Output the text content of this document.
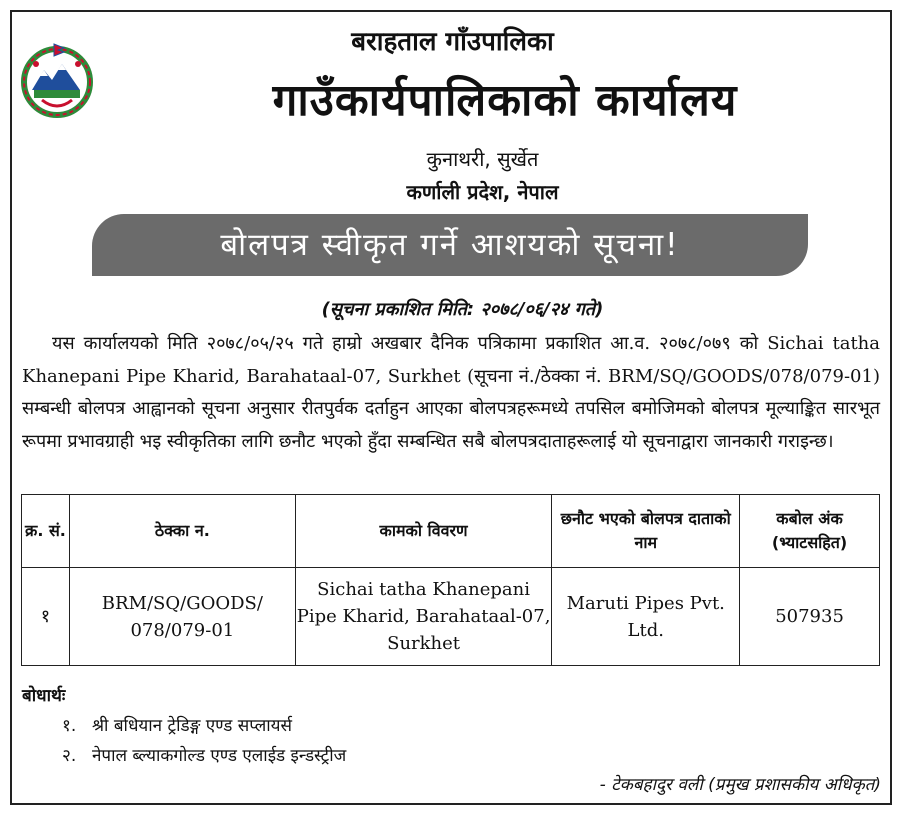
बराहताल गाँउपालिका
गाउँकार्यपालिकाको कार्यालय
कुनाथरी, सुर्खेत
कर्णाली प्रदेश, नेपाल
बोलपत्र स्वीकृत गर्ने आशयको सूचना!
(सूचना प्रकाशित मिति: २०७८/०६/२४ गते)
यस कार्यालयको मिति २०७८/०५/२५ गते हाम्रो अखबार दैनिक पत्रिकामा प्रकाशित आ.व. २०७८/०७९ को Sichai tatha Khanepani Pipe Kharid, Barahataal-07, Surkhet (सूचना नं./ठेक्का नं. BRM/SQ/GOODS/078/079-01) सम्बन्धी बोलपत्र आह्वानको सूचना अनुसार रीतपुर्वक दर्ताहुन आएका बोलपत्रहरूमध्ये तपसिल बमोजिमको बोलपत्र मूल्याङ्कित सारभूत रूपमा प्रभावग्राही भइ स्वीकृतिका लागि छनौट भएको हुँदा सम्बन्धित सबै बोलपत्रदाताहरूलाई यो सूचनाद्वारा जानकारी गराइन्छ।
क्र. सं.	ठेक्का न.	कामको विवरण	छनौट भएको बोलपत्र दाताको नाम	कबोल अंक (भ्याटसहित)
१	BRM/SQ/GOODS/ 078/079-01	Sichai tatha Khanepani Pipe Kharid, Barahataal-07, Surkhet	Maruti Pipes Pvt. Ltd.	507935
बोधार्थः
१. श्री बधियान ट्रेडिङ्ग एण्ड सप्लायर्स
२. नेपाल ब्ल्याकगोल्ड एण्ड एलाईड इन्डस्ट्रीज
- टेकबहादुर वली (प्रमुख प्रशासकीय अधिकृत)
